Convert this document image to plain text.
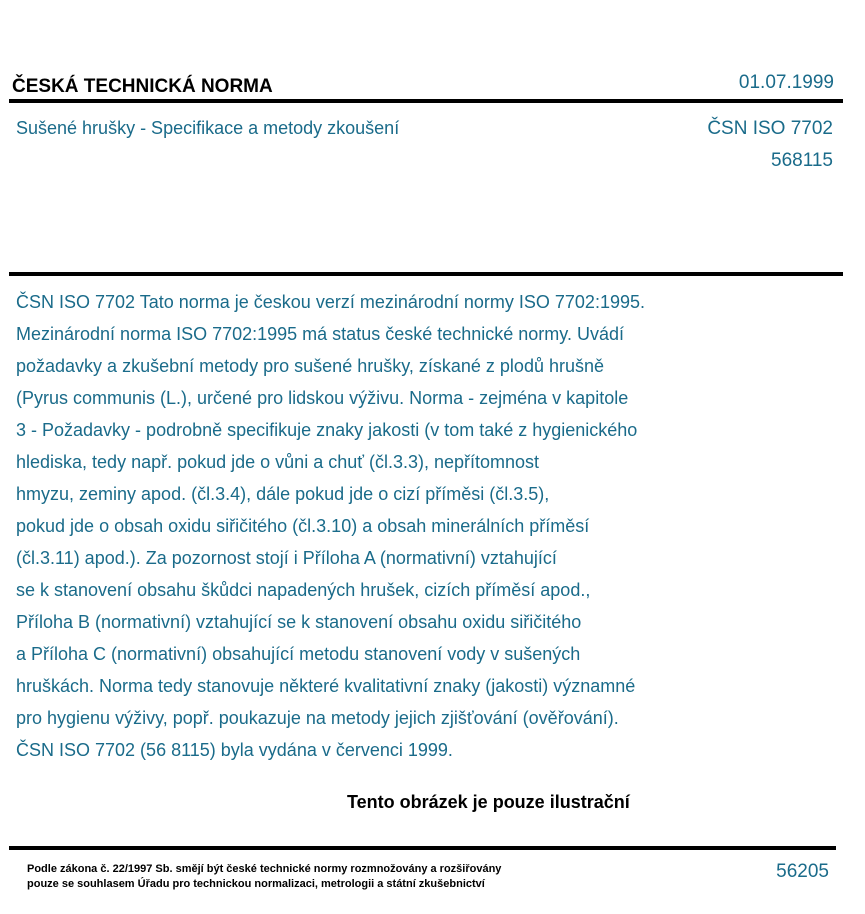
ČESKÁ TECHNICKÁ NORMA	01.07.1999
Sušené hrušky - Specifikace a metody zkoušení	ČSN ISO 7702
568115
ČSN ISO 7702 Tato norma je českou verzí mezinárodní normy ISO 7702:1995.
Mezinárodní norma ISO 7702:1995 má status české technické normy. Uvádí
požadavky a zkušební metody pro sušené hrušky, získané z plodů hrušně
(Pyrus communis (L.), určené pro lidskou výživu. Norma - zejména v kapitole
3 - Požadavky - podrobně specifikuje znaky jakosti (v tom také z hygienického
hlediska, tedy např. pokud jde o vůni a chuť (čl.3.3), nepřítomnost
hmyzu, zeminy apod. (čl.3.4), dále pokud jde o cizí příměsi (čl.3.5),
pokud jde o obsah oxidu siřičitého (čl.3.10) a obsah minerálních příměsí
(čl.3.11) apod.). Za pozornost stojí i Příloha A (normativní) vztahující
se k stanovení obsahu škůdci napadených hrušek, cizích příměsí apod.,
Příloha B (normativní) vztahující se k stanovení obsahu oxidu siřičitého
a Příloha C (normativní) obsahující metodu stanovení vody v sušených
hruškách. Norma tedy stanovuje některé kvalitativní znaky (jakosti) významné
pro hygienu výživy, popř. poukazuje na metody jejich zjišťování (ověřování).
ČSN ISO 7702 (56 8115) byla vydána v červenci 1999.
Tento obrázek je pouze ilustrační
Podle zákona č. 22/1997 Sb. smějí být české technické normy rozmnožovány a rozšiřovány
pouze se souhlasem Úřadu pro technickou normalizaci, metrologii a státní zkušebnictví
56205
